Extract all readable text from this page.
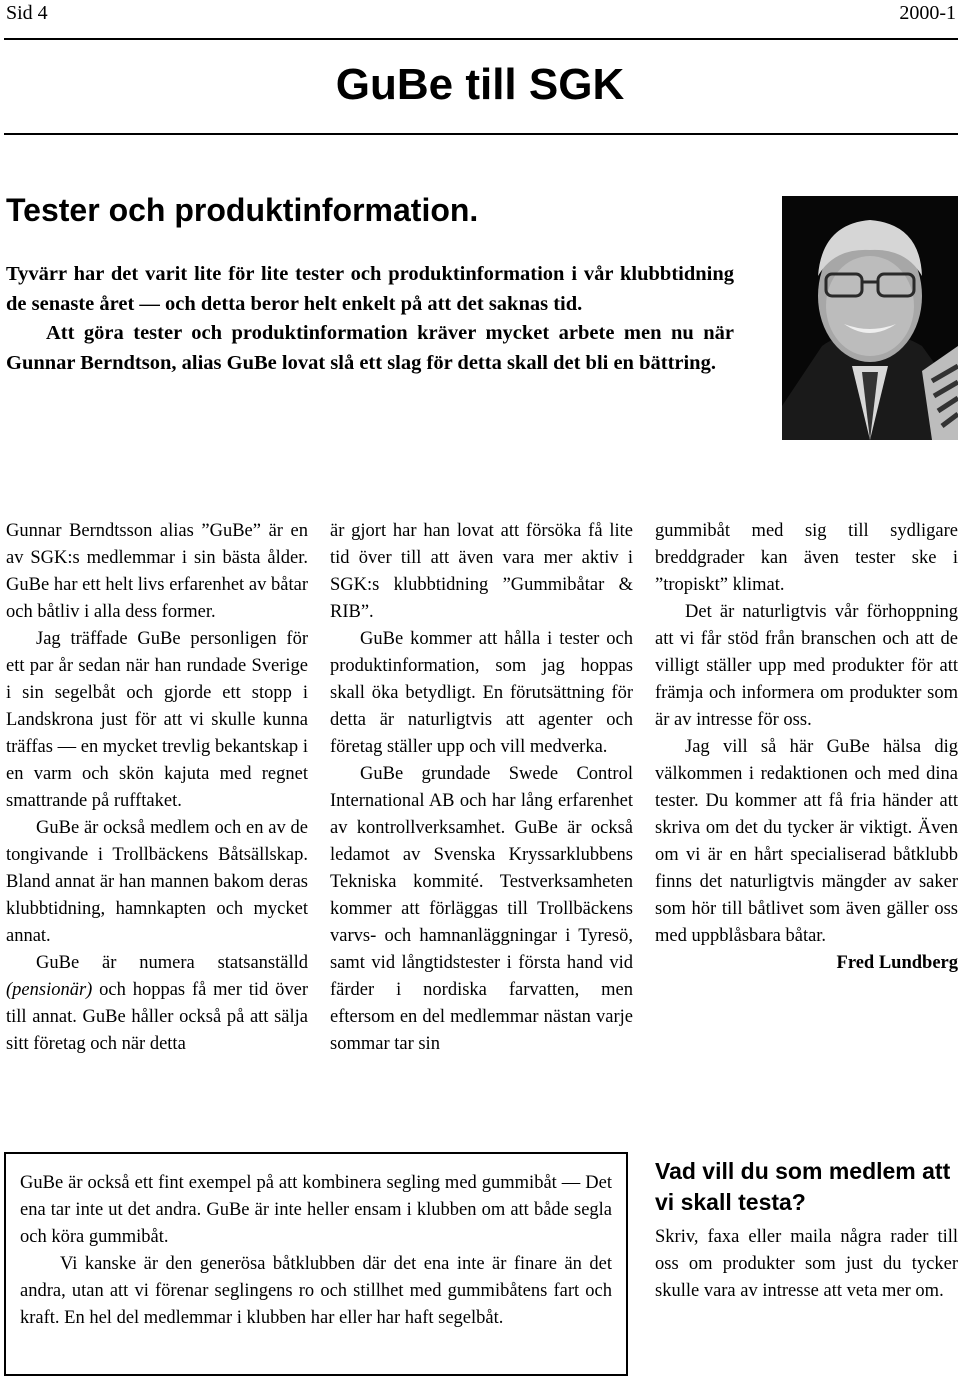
Sid 4	2000-1
GuBe till SGK
Tester och produktinformation.

Tyvärr har det varit lite för lite tester och produktinformation i vår klubbtidning de senaste året — och detta beror helt enkelt på att det saknas tid.

Att göra tester och produktinformation kräver mycket arbete men nu när Gunnar Berndtson, alias GuBe lovat slå ett slag för detta skall det bli en bättring.

Gunnar Berndtsson alias ”GuBe” är en av SGK:s medlemmar i sin bästa ålder. GuBe har ett helt livs erfarenhet av båtar och båtliv i alla dess former.

Jag träffade GuBe personligen för ett par år sedan när han rundade Sverige i sin segelbåt och gjorde ett stopp i Landskrona just för att vi skulle kunna träffas — en mycket trevlig bekantskap i en varm och skön kajuta med regnet smattrande på rufftaket.

GuBe är också medlem och en av de tongivande i Trollbäckens Båtsällskap. Bland annat är han mannen bakom deras klubbtidning, hamnkapten och mycket annat.

GuBe är numera statsanställd (pensionär) och hoppas få mer tid över till annat. GuBe håller också på att sälja sitt företag och när detta

är gjort har han lovat att försöka få lite tid över till att även vara mer aktiv i SGK:s klubbtidning ”Gummibåtar & RIB”.

GuBe kommer att hålla i tester och produktinformation, som jag hoppas skall öka betydligt. En förutsättning för detta är naturligtvis att agenter och företag ställer upp och vill medverka.

GuBe grundade Swede Control International AB och har lång erfarenhet av kontrollverksamhet. GuBe är också ledamot av Svenska Kryssarklubbens Tekniska kommité. Testverksamheten kommer att förläggas till Trollbäckens varvs- och hamnanläggningar i Tyresö, samt vid långtidstester i första hand vid färder i nordiska farvatten, men eftersom en del medlemmar nästan varje sommar tar sin

gummibåt med sig till sydligare breddgrader kan även tester ske i ”tropiskt” klimat.

Det är naturligtvis vår förhoppning att vi får stöd från branschen och att de villigt ställer upp med produkter för att främja och informera om produkter som är av intresse för oss.

Jag vill så här GuBe hälsa dig välkommen i redaktionen och med dina tester. Du kommer att få fria händer att skriva om det du tycker är viktigt. Även om vi är en hårt specialiserad båtklubb finns det naturligtvis mängder av saker som hör till båtlivet som även gäller oss med uppblåsbara båtar.

Fred Lundberg

GuBe är också ett fint exempel på att kombinera segling med gummibåt — Det ena tar inte ut det andra. GuBe är inte heller ensam i klubben om att både segla och köra gummibåt.

Vi kanske är den generösa båtklubben där det ena inte är finare än det andra, utan att vi förenar seglingens ro och stillhet med gummibåtens fart och kraft. En hel del medlemmar i klubben har eller har haft segelbåt.

Vad vill du som medlem att vi skall testa?

Skriv, faxa eller maila några rader till oss om produkter som just du tycker skulle vara av intresse att veta mer om.
